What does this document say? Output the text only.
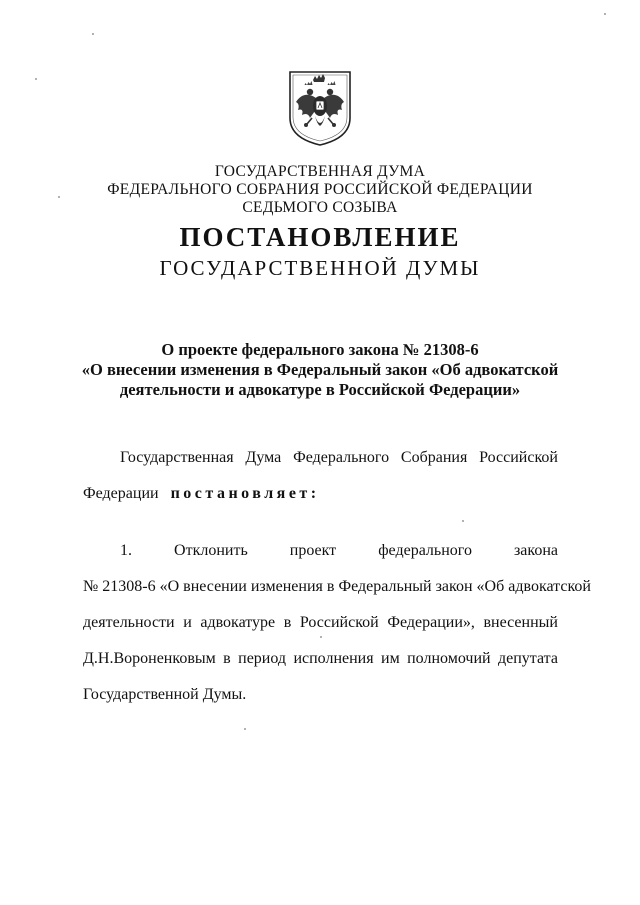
ГОСУДАРСТВЕННАЯ ДУМА
ФЕДЕРАЛЬНОГО СОБРАНИЯ РОССИЙСКОЙ ФЕДЕРАЦИИ
СЕДЬМОГО СОЗЫВА
ПОСТАНОВЛЕНИЕ
ГОСУДАРСТВЕННОЙ ДУМЫ
О проекте федерального закона № 21308-6
«О внесении изменения в Федеральный закон «Об адвокатской
деятельности и адвокатуре в Российской Федерации»
Государственная Дума Федерального Собрания Российской
Федерации постановляет:
1.	Отклонить	проект	федерального	закона
№ 21308-6 «О внесении изменения в Федеральный закон «Об адвокатской
деятельности и адвокатуре в Российской Федерации», внесенный
Д.Н.Вороненковым в период исполнения им полномочий депутата
Государственной Думы.
